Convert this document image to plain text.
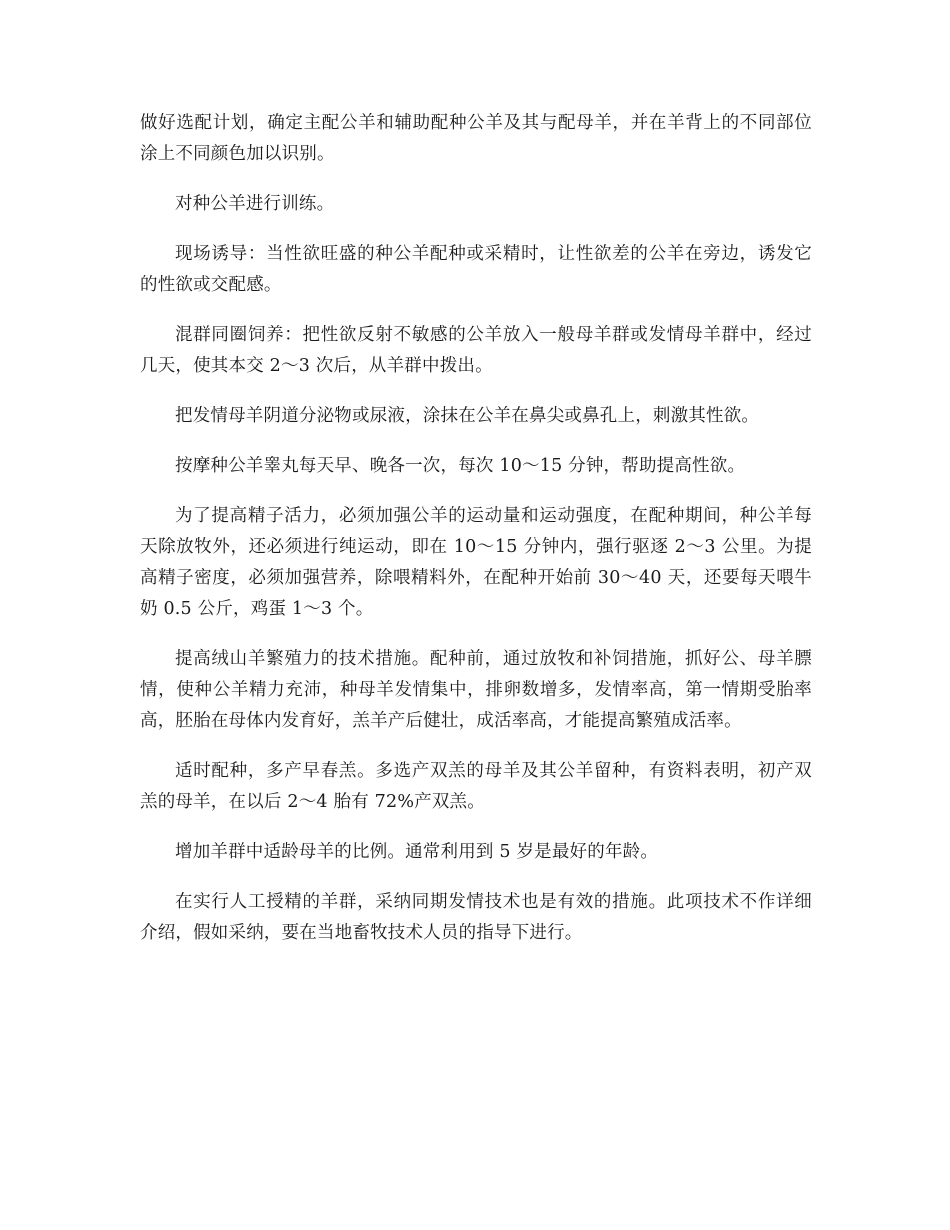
做好选配计划，确定主配公羊和辅助配种公羊及其与配母羊，并在羊背上的不同部位涂上不同颜色加以识别。

对种公羊进行训练。

现场诱导：当性欲旺盛的种公羊配种或采精时，让性欲差的公羊在旁边，诱发它的性欲或交配感。

混群同圈饲养：把性欲反射不敏感的公羊放入一般母羊群或发情母羊群中，经过几天，使其本交 2～3 次后，从羊群中拨出。

把发情母羊阴道分泌物或尿液，涂抹在公羊在鼻尖或鼻孔上，刺激其性欲。

按摩种公羊睾丸每天早、晚各一次，每次 10～15 分钟，帮助提高性欲。

为了提高精子活力，必须加强公羊的运动量和运动强度，在配种期间，种公羊每天除放牧外，还必须进行纯运动，即在 10～15 分钟内，强行驱逐 2～3 公里。为提高精子密度，必须加强营养，除喂精料外，在配种开始前 30～40 天，还要每天喂牛奶 0.5 公斤，鸡蛋 1～3 个。

提高绒山羊繁殖力的技术措施。配种前，通过放牧和补饲措施，抓好公、母羊膘情，使种公羊精力充沛，种母羊发情集中，排卵数增多，发情率高，第一情期受胎率高，胚胎在母体内发育好，羔羊产后健壮，成活率高，才能提高繁殖成活率。

适时配种，多产早春羔。多选产双羔的母羊及其公羊留种，有资料表明，初产双羔的母羊，在以后 2～4 胎有 72%产双羔。

增加羊群中适龄母羊的比例。通常利用到 5 岁是最好的年龄。

在实行人工授精的羊群，采纳同期发情技术也是有效的措施。此项技术不作详细介绍，假如采纳，要在当地畜牧技术人员的指导下进行。
